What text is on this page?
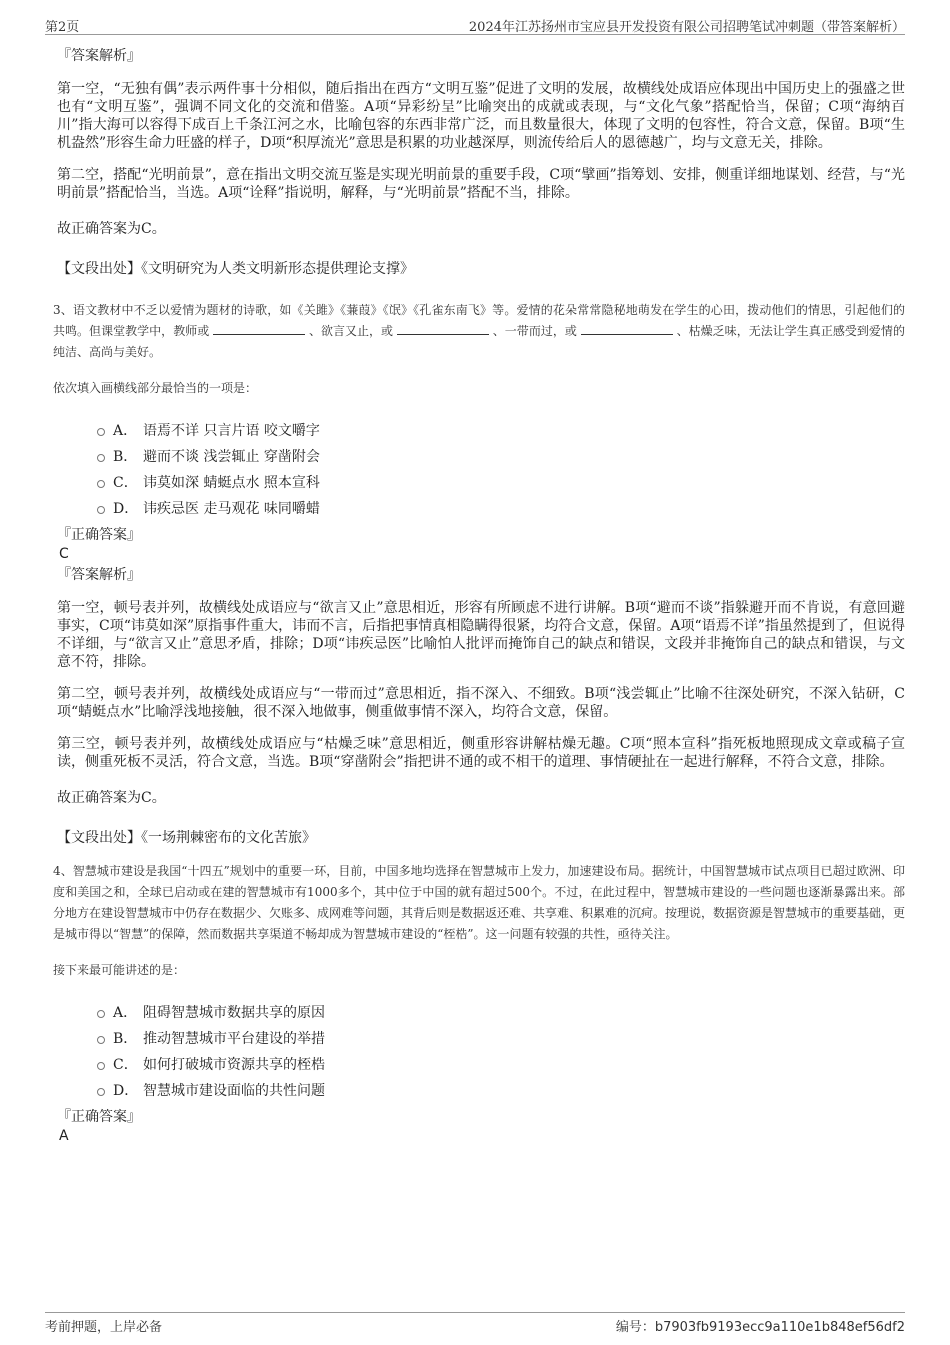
第2页	2024年江苏扬州市宝应县开发投资有限公司招聘笔试冲刺题（带答案解析）

『答案解析』

第一空，“无独有偶”表示两件事十分相似，随后指出在西方“文明互鉴”促进了文明的发展，故横线处成语应体现出中国历史上的强盛之世也有“文明互鉴”，强调不同文化的交流和借鉴。A项“异彩纷呈”比喻突出的成就或表现，与“文化气象”搭配恰当，保留；C项“海纳百川”指大海可以容得下成百上千条江河之水，比喻包容的东西非常广泛，而且数量很大，体现了文明的包容性，符合文意，保留。B项“生机盎然”形容生命力旺盛的样子，D项“积厚流光”意思是积累的功业越深厚，则流传给后人的恩德越广，均与文意无关，排除。

第二空，搭配“光明前景”，意在指出文明交流互鉴是实现光明前景的重要手段，C项“擘画”指筹划、安排，侧重详细地谋划、经营，与“光明前景”搭配恰当，当选。A项“诠释”指说明，解释，与“光明前景”搭配不当，排除。

故正确答案为C。

【文段出处】《文明研究为人类文明新形态提供理论支撑》

3、语文教材中不乏以爱情为题材的诗歌，如《关雎》《蒹葭》《氓》《孔雀东南飞》等。爱情的花朵常常隐秘地萌发在学生的心田，拨动他们的情思，引起他们的共鸣。但课堂教学中，教师或	、欲言又止，或	、一带而过，或	、枯燥乏味，无法让学生真正感受到爱情的纯洁、高尚与美好。

依次填入画横线部分最恰当的一项是：

A． 语焉不详 只言片语 咬文嚼字
B． 避而不谈 浅尝辄止 穿凿附会
C． 讳莫如深 蜻蜓点水 照本宣科
D． 讳疾忌医 走马观花 味同嚼蜡

『正确答案』

C

『答案解析』

第一空，顿号表并列，故横线处成语应与“欲言又止”意思相近，形容有所顾虑不进行讲解。B项“避而不谈”指躲避开而不肯说，有意回避事实，C项“讳莫如深”原指事件重大，讳而不言，后指把事情真相隐瞒得很紧，均符合文意，保留。A项“语焉不详”指虽然提到了，但说得不详细，与“欲言又止”意思矛盾，排除；D项“讳疾忌医”比喻怕人批评而掩饰自己的缺点和错误，文段并非掩饰自己的缺点和错误，与文意不符，排除。

第二空，顿号表并列，故横线处成语应与“一带而过”意思相近，指不深入、不细致。B项“浅尝辄止”比喻不往深处研究，不深入钻研，C项“蜻蜓点水”比喻浮浅地接触，很不深入地做事，侧重做事情不深入，均符合文意，保留。

第三空，顿号表并列，故横线处成语应与“枯燥乏味”意思相近，侧重形容讲解枯燥无趣。C项“照本宣科”指死板地照现成文章或稿子宣读，侧重死板不灵活，符合文意，当选。B项“穿凿附会”指把讲不通的或不相干的道理、事情硬扯在一起进行解释，不符合文意，排除。

故正确答案为C。

【文段出处】《一场荆棘密布的文化苦旅》

4、智慧城市建设是我国“十四五”规划中的重要一环，目前，中国多地均选择在智慧城市上发力，加速建设布局。据统计，中国智慧城市试点项目已超过欧洲、印度和美国之和，全球已启动或在建的智慧城市有1000多个，其中位于中国的就有超过500个。不过，在此过程中，智慧城市建设的一些问题也逐渐暴露出来。部分地方在建设智慧城市中仍存在数据少、欠账多、成网难等问题，其背后则是数据返还难、共享难、积累难的沉疴。按理说，数据资源是智慧城市的重要基础，更是城市得以“智慧”的保障，然而数据共享渠道不畅却成为智慧城市建设的“桎梏”。这一问题有较强的共性，亟待关注。

接下来最可能讲述的是：

A． 阻碍智慧城市数据共享的原因
B． 推动智慧城市平台建设的举措
C． 如何打破城市资源共享的桎梏
D． 智慧城市建设面临的共性问题

『正确答案』

A

考前押题，上岸必备	编号：b7903fb9193ecc9a110e1b848ef56df2
